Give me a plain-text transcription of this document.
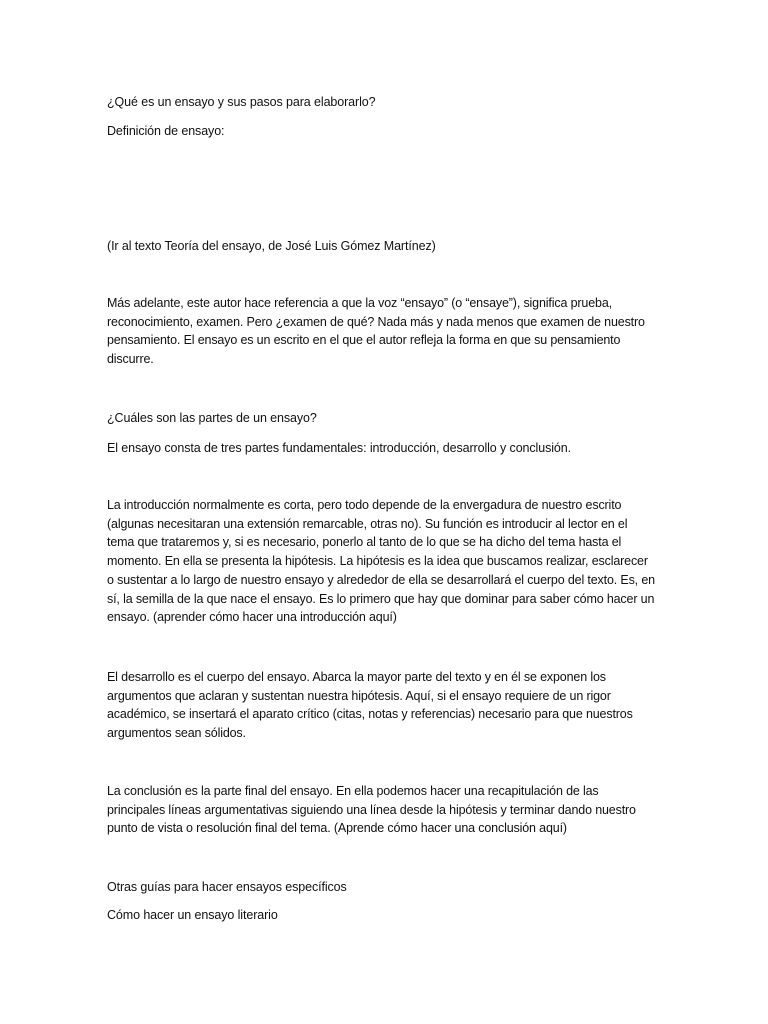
¿Qué es un ensayo y sus pasos para elaborarlo?

Definición de ensayo:

(Ir al texto Teoría del ensayo, de José Luis Gómez Martínez)

Más adelante, este autor hace referencia a que la voz “ensayo” (o “ensaye”), significa prueba, reconocimiento, examen. Pero ¿examen de qué? Nada más y nada menos que examen de nuestro pensamiento. El ensayo es un escrito en el que el autor refleja la forma en que su pensamiento discurre.

¿Cuáles son las partes de un ensayo?

El ensayo consta de tres partes fundamentales: introducción, desarrollo y conclusión.

La introducción normalmente es corta, pero todo depende de la envergadura de nuestro escrito (algunas necesitaran una extensión remarcable, otras no). Su función es introducir al lector en el tema que trataremos y, si es necesario, ponerlo al tanto de lo que se ha dicho del tema hasta el momento. En ella se presenta la hipótesis. La hipótesis es la idea que buscamos realizar, esclarecer o sustentar a lo largo de nuestro ensayo y alrededor de ella se desarrollará el cuerpo del texto. Es, en sí, la semilla de la que nace el ensayo. Es lo primero que hay que dominar para saber cómo hacer un ensayo. (aprender cómo hacer una introducción aquí)

El desarrollo es el cuerpo del ensayo. Abarca la mayor parte del texto y en él se exponen los argumentos que aclaran y sustentan nuestra hipótesis. Aquí, si el ensayo requiere de un rigor académico, se insertará el aparato crítico (citas, notas y referencias) necesario para que nuestros argumentos sean sólidos.

La conclusión es la parte final del ensayo. En ella podemos hacer una recapitulación de las principales líneas argumentativas siguiendo una línea desde la hipótesis y terminar dando nuestro punto de vista o resolución final del tema. (Aprende cómo hacer una conclusión aquí)

Otras guías para hacer ensayos específicos

Cómo hacer un ensayo literario
